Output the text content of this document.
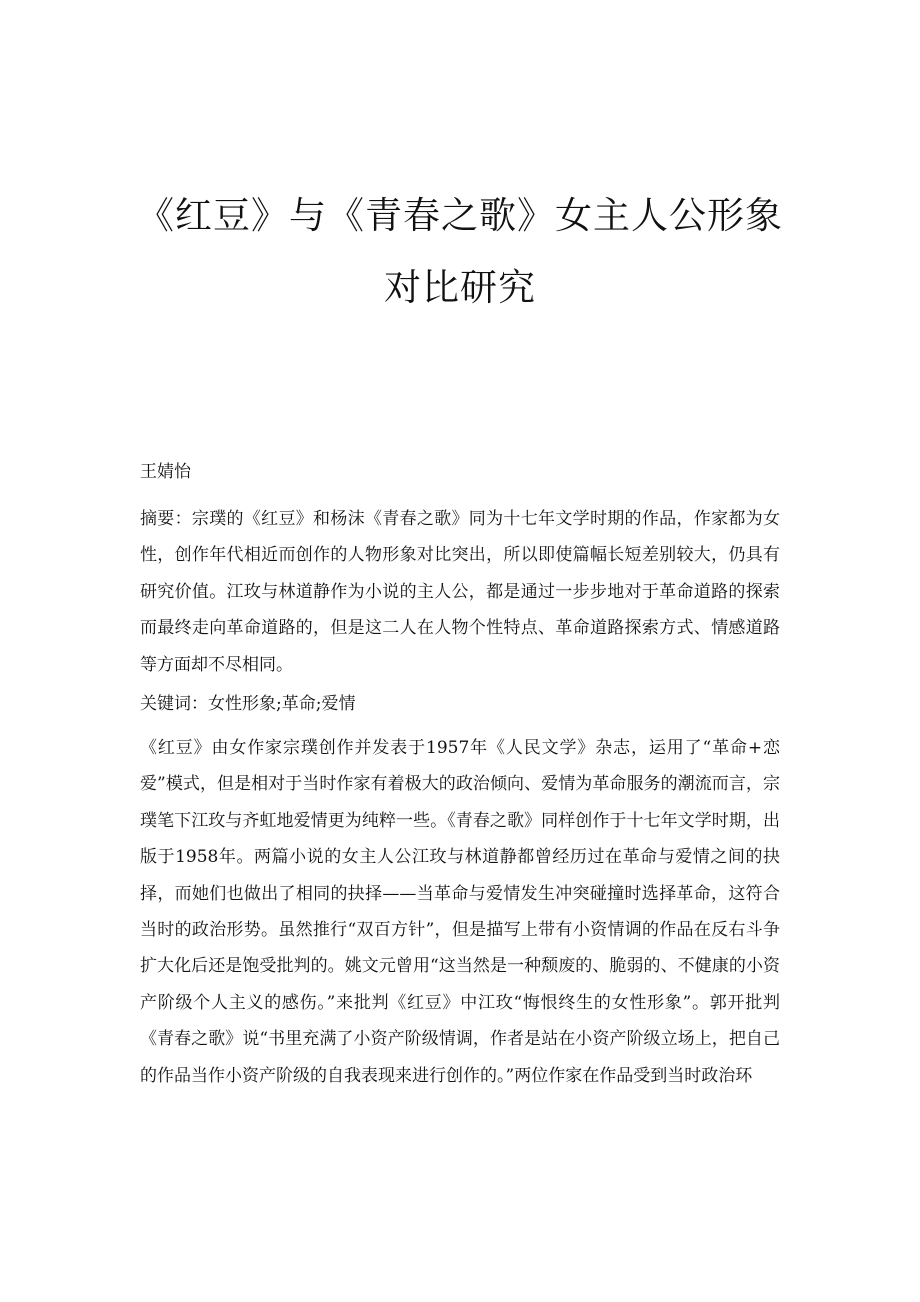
《红豆》与《青春之歌》女主人公形象
对比研究

王婧怡

摘要：宗璞的《红豆》和杨沫《青春之歌》同为十七年文学时期的作品，作家都为女性，创作年代相近而创作的人物形象对比突出，所以即使篇幅长短差别较大，仍具有研究价值。江玫与林道静作为小说的主人公，都是通过一步步地对于革命道路的探索而最终走向革命道路的，但是这二人在人物个性特点、革命道路探索方式、情感道路等方面却不尽相同。

关键词：女性形象;革命;爱情

《红豆》由女作家宗璞创作并发表于1957年《人民文学》杂志，运用了“革命+恋爱”模式，但是相对于当时作家有着极大的政治倾向、爱情为革命服务的潮流而言，宗璞笔下江玫与齐虹地爱情更为纯粹一些。《青春之歌》同样创作于十七年文学时期，出版于1958年。两篇小说的女主人公江玫与林道静都曾经历过在革命与爱情之间的抉择，而她们也做出了相同的抉择——当革命与爱情发生冲突碰撞时选择革命，这符合当时的政治形势。虽然推行“双百方针”，但是描写上带有小资情调的作品在反右斗争扩大化后还是饱受批判的。姚文元曾用“这当然是一种颓废的、脆弱的、不健康的小资产阶级个人主义的感伤。”来批判《红豆》中江玫“悔恨终生的女性形象”。郭开批判《青春之歌》说“书里充满了小资产阶级情调，作者是站在小资产阶级立场上，把自己的作品当作小资产阶级的自我表现来进行创作的。”两位作家在作品受到当时政治环
